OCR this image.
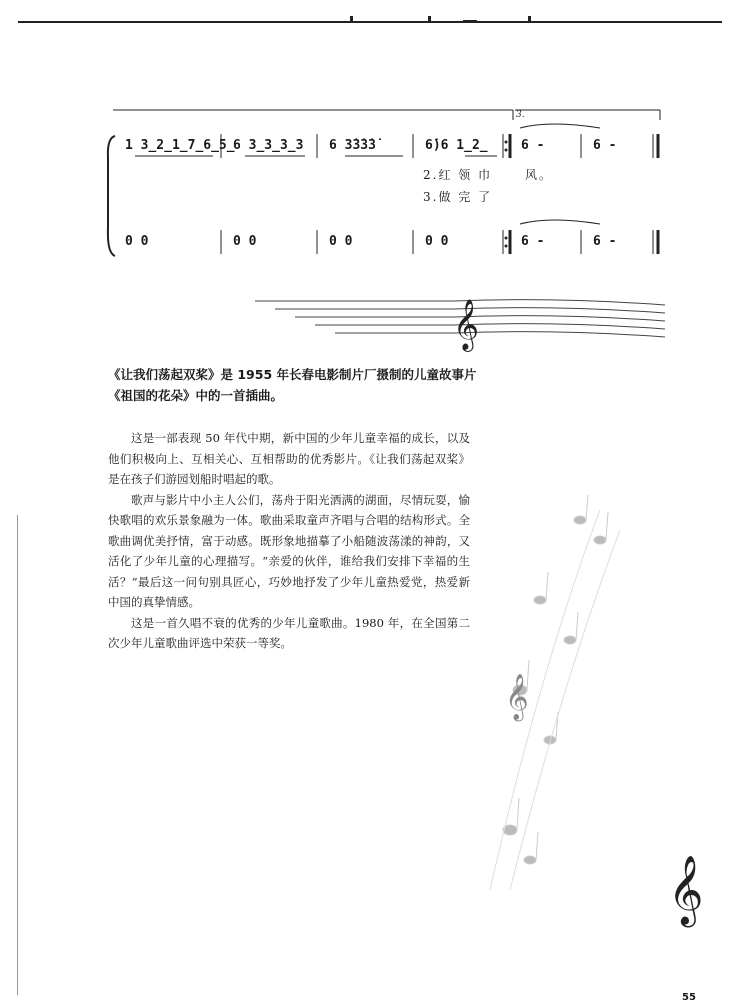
1 3̲2̲1̲7̲6̲5̲
6 3̲3̲3̲3 6 3̇3̇3̇3̇	6̇)6 1̲2̲	6 -	6 -
3.
2.红 领 巾	风。
3.做 完 了
0 0	0 0	0 0	0 0	6 -	6 -
𝄞
《让我们荡起双桨》是 1955 年长春电影制片厂摄制的儿童故事片《祖国的花朵》中的一首插曲。

这是一部表现 50 年代中期，新中国的少年儿童幸福的成长，以及他们积极向上、互相关心、互相帮助的优秀影片。《让我们荡起双桨》是在孩子们游园划船时唱起的歌。

歌声与影片中小主人公们，荡舟于阳光洒满的湖面，尽情玩耍，愉快歌唱的欢乐景象融为一体。歌曲采取童声齐唱与合唱的结构形式。全歌曲调优美抒情，富于动感。既形象地描摹了小船随波荡漾的神韵，又活化了少年儿童的心理描写。“亲爱的伙伴，谁给我们安排下幸福的生活？”最后这一问句别具匠心，巧妙地抒发了少年儿童热爱党，热爱新中国的真挚情感。

这是一首久唱不衰的优秀的少年儿童歌曲。1980 年，在全国第二次少年儿童歌曲评选中荣获一等奖。

𝄞
𝄞
55
